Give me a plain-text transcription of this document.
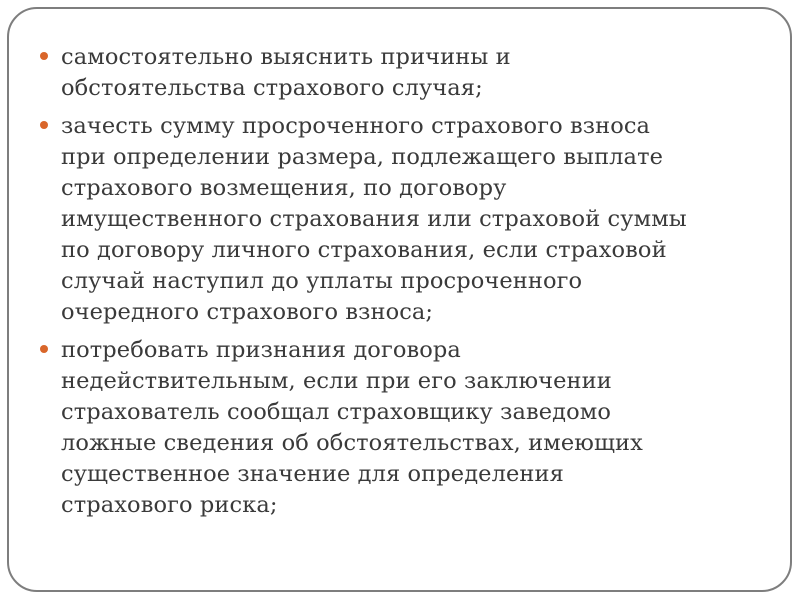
самостоятельно выяснить причины и
обстоятельства страхового случая;
зачесть сумму просроченного страхового взноса
при определении размера, подлежащего выплате
страхового возмещения, по договору
имущественного страхования или страховой суммы
по договору личного страхования, если страховой
случай наступил до уплаты просроченного
очередного страхового взноса;
потребовать признания договора
недействительным, если при его заключении
страхователь сообщал страховщику заведомо
ложные сведения об обстоятельствах, имеющих
существенное значение для определения
страхового риска;
